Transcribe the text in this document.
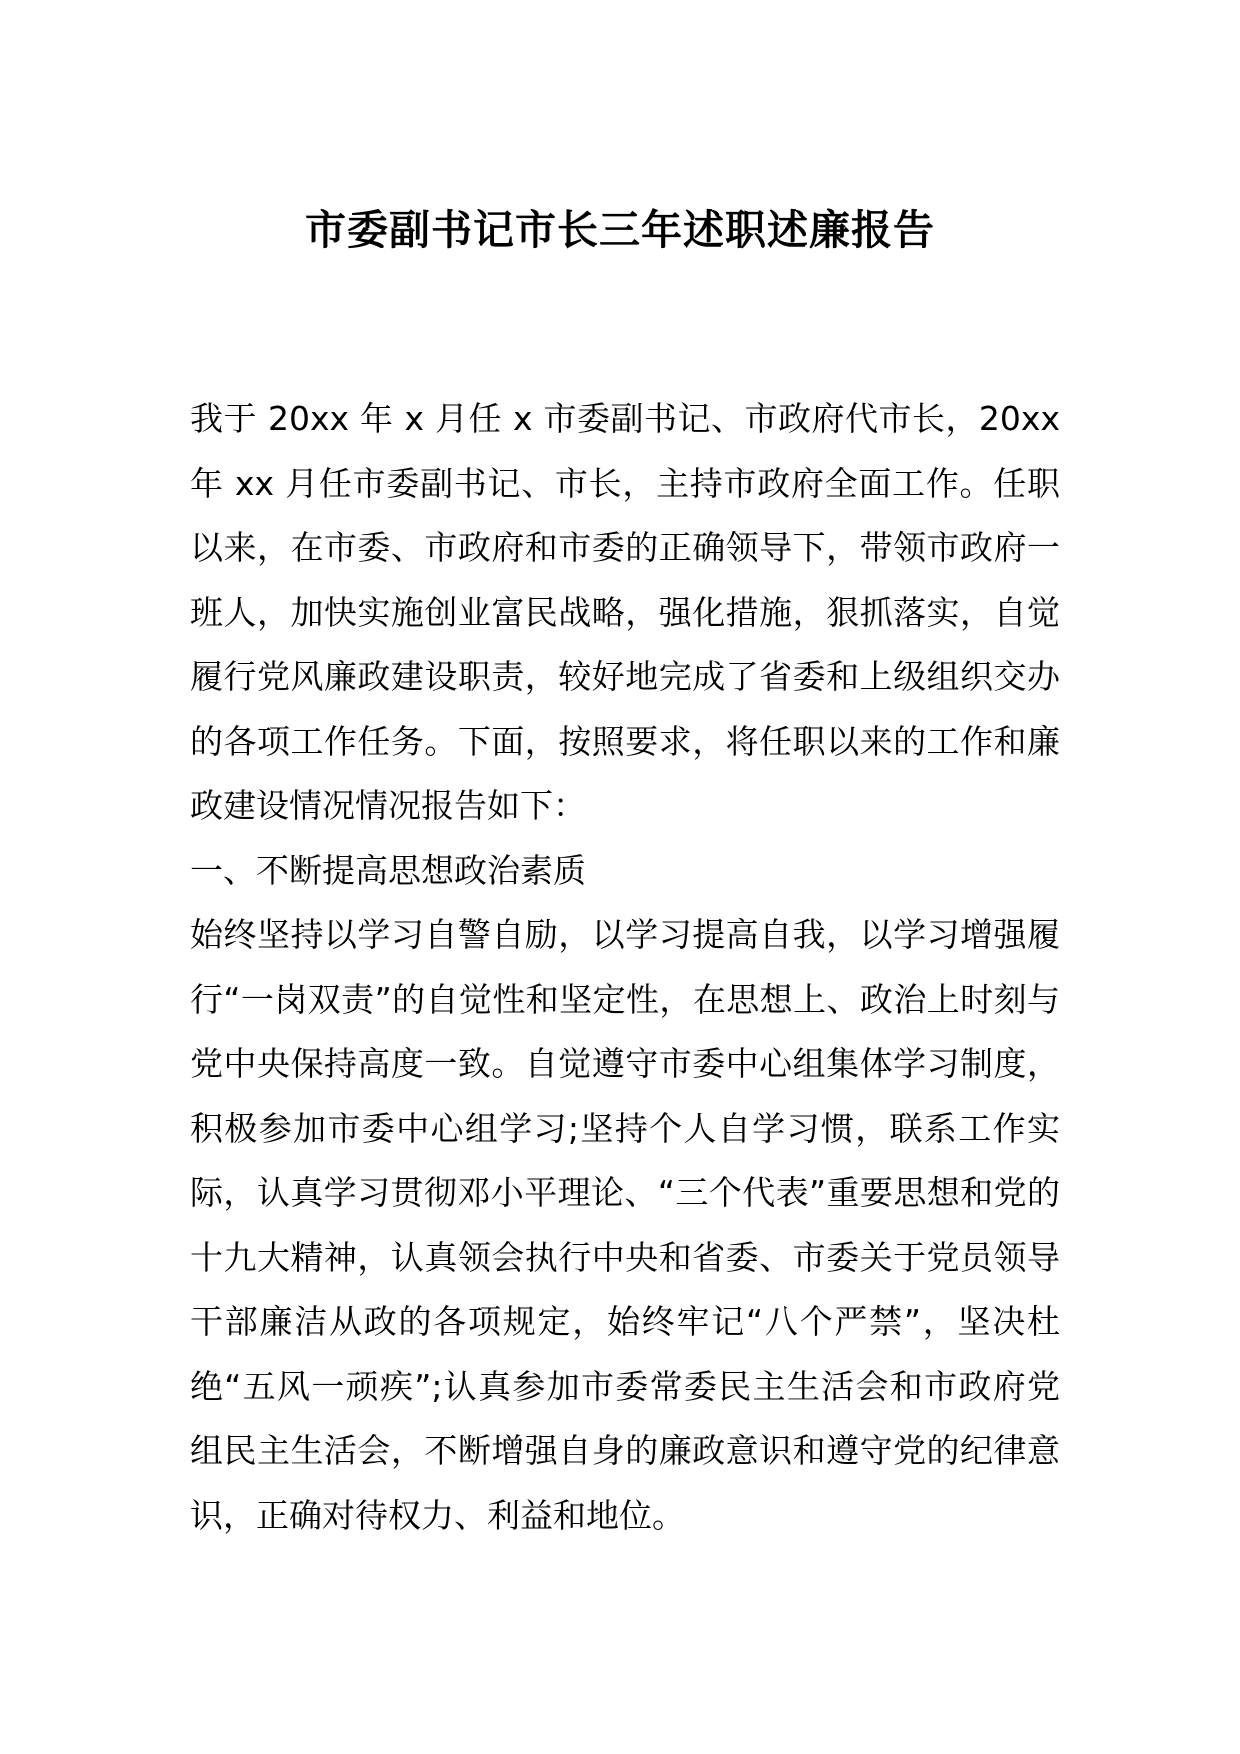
市委副书记市长三年述职述廉报告

我于 20xx 年 x 月任 x 市委副书记、市政府代市长，20xx 年 xx 月任市委副书记、市长，主持市政府全面工作。任职以来，在市委、市政府和市委的正确领导下，带领市政府一班人，加快实施创业富民战略，强化措施，狠抓落实，自觉履行党风廉政建设职责，较好地完成了省委和上级组织交办的各项工作任务。下面，按照要求，将任职以来的工作和廉政建设情况情况报告如下：

一、不断提高思想政治素质

始终坚持以学习自警自励，以学习提高自我，以学习增强履行“一岗双责”的自觉性和坚定性，在思想上、政治上时刻与党中央保持高度一致。自觉遵守市委中心组集体学习制度，积极参加市委中心组学习;坚持个人自学习惯，联系工作实际，认真学习贯彻邓小平理论、“三个代表”重要思想和党的十九大精神，认真领会执行中央和省委、市委关于党员领导干部廉洁从政的各项规定，始终牢记“八个严禁”，坚决杜绝“五风一顽疾”;认真参加市委常委民主生活会和市政府党组民主生活会，不断增强自身的廉政意识和遵守党的纪律意识，正确对待权力、利益和地位。
